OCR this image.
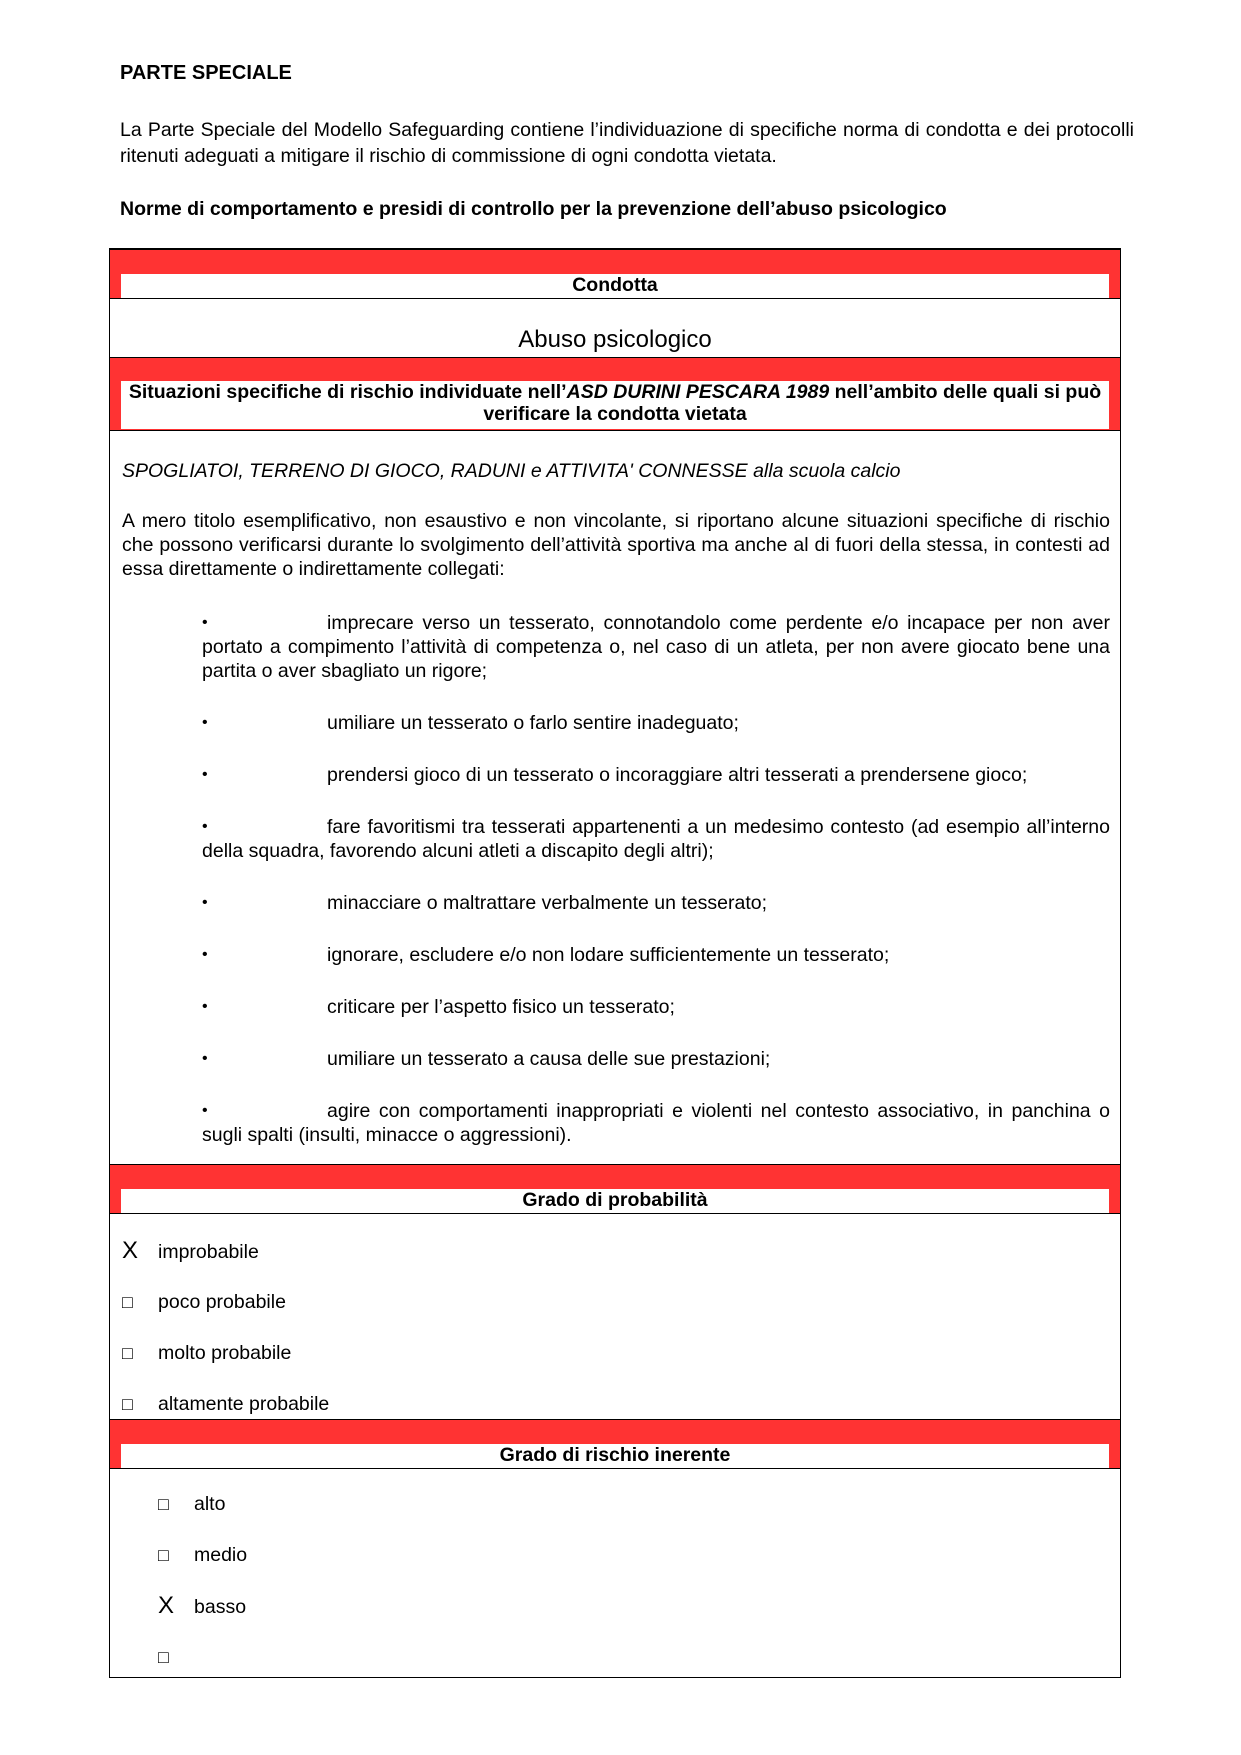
PARTE SPECIALE

La Parte Speciale del Modello Safeguarding contiene l’individuazione di specifiche norma di condotta e dei protocolli ritenuti adeguati a mitigare il rischio di commissione di ogni condotta vietata.

Norme di comportamento e presidi di controllo per la prevenzione dell’abuso psicologico
Condotta
Abuso psicologico
Situazioni specifiche di rischio individuate nell’ASD DURINI PESCARA 1989 nell’ambito delle quali si può verificare la condotta vietata
SPOGLIATOI, TERRENO DI GIOCO, RADUNI e ATTIVITA' CONNESSE alla scuola calcio
A mero titolo esemplificativo, non esaustivo e non vincolante, si riportano alcune situazioni specifiche di rischio che possono verificarsi durante lo svolgimento dell’attività sportiva ma anche al di fuori della stessa, in contesti ad essa direttamente o indirettamente collegati:
•	imprecare verso un tesserato, connotandolo come perdente e/o incapace per non aver portato a compimento l’attività di competenza o, nel caso di un atleta, per non avere giocato bene una partita o aver sbagliato un rigore;
•	umiliare un tesserato o farlo sentire inadeguato;
•	prendersi gioco di un tesserato o incoraggiare altri tesserati a prendersene gioco;
•	fare favoritismi tra tesserati appartenenti a un medesimo contesto (ad esempio all’interno della squadra, favorendo alcuni atleti a discapito degli altri);
•	minacciare o maltrattare verbalmente un tesserato;
•	ignorare, escludere e/o non lodare sufficientemente un tesserato;
•	criticare per l’aspetto fisico un tesserato;
•	umiliare un tesserato a causa delle sue prestazioni;
•	agire con comportamenti inappropriati e violenti nel contesto associativo, in panchina o sugli spalti (insulti, minacce o aggressioni).
Grado di probabilità
X improbabile
□ poco probabile
□ molto probabile
□ altamente probabile
Grado di rischio inerente
□ alto
□ medio
X basso
□
